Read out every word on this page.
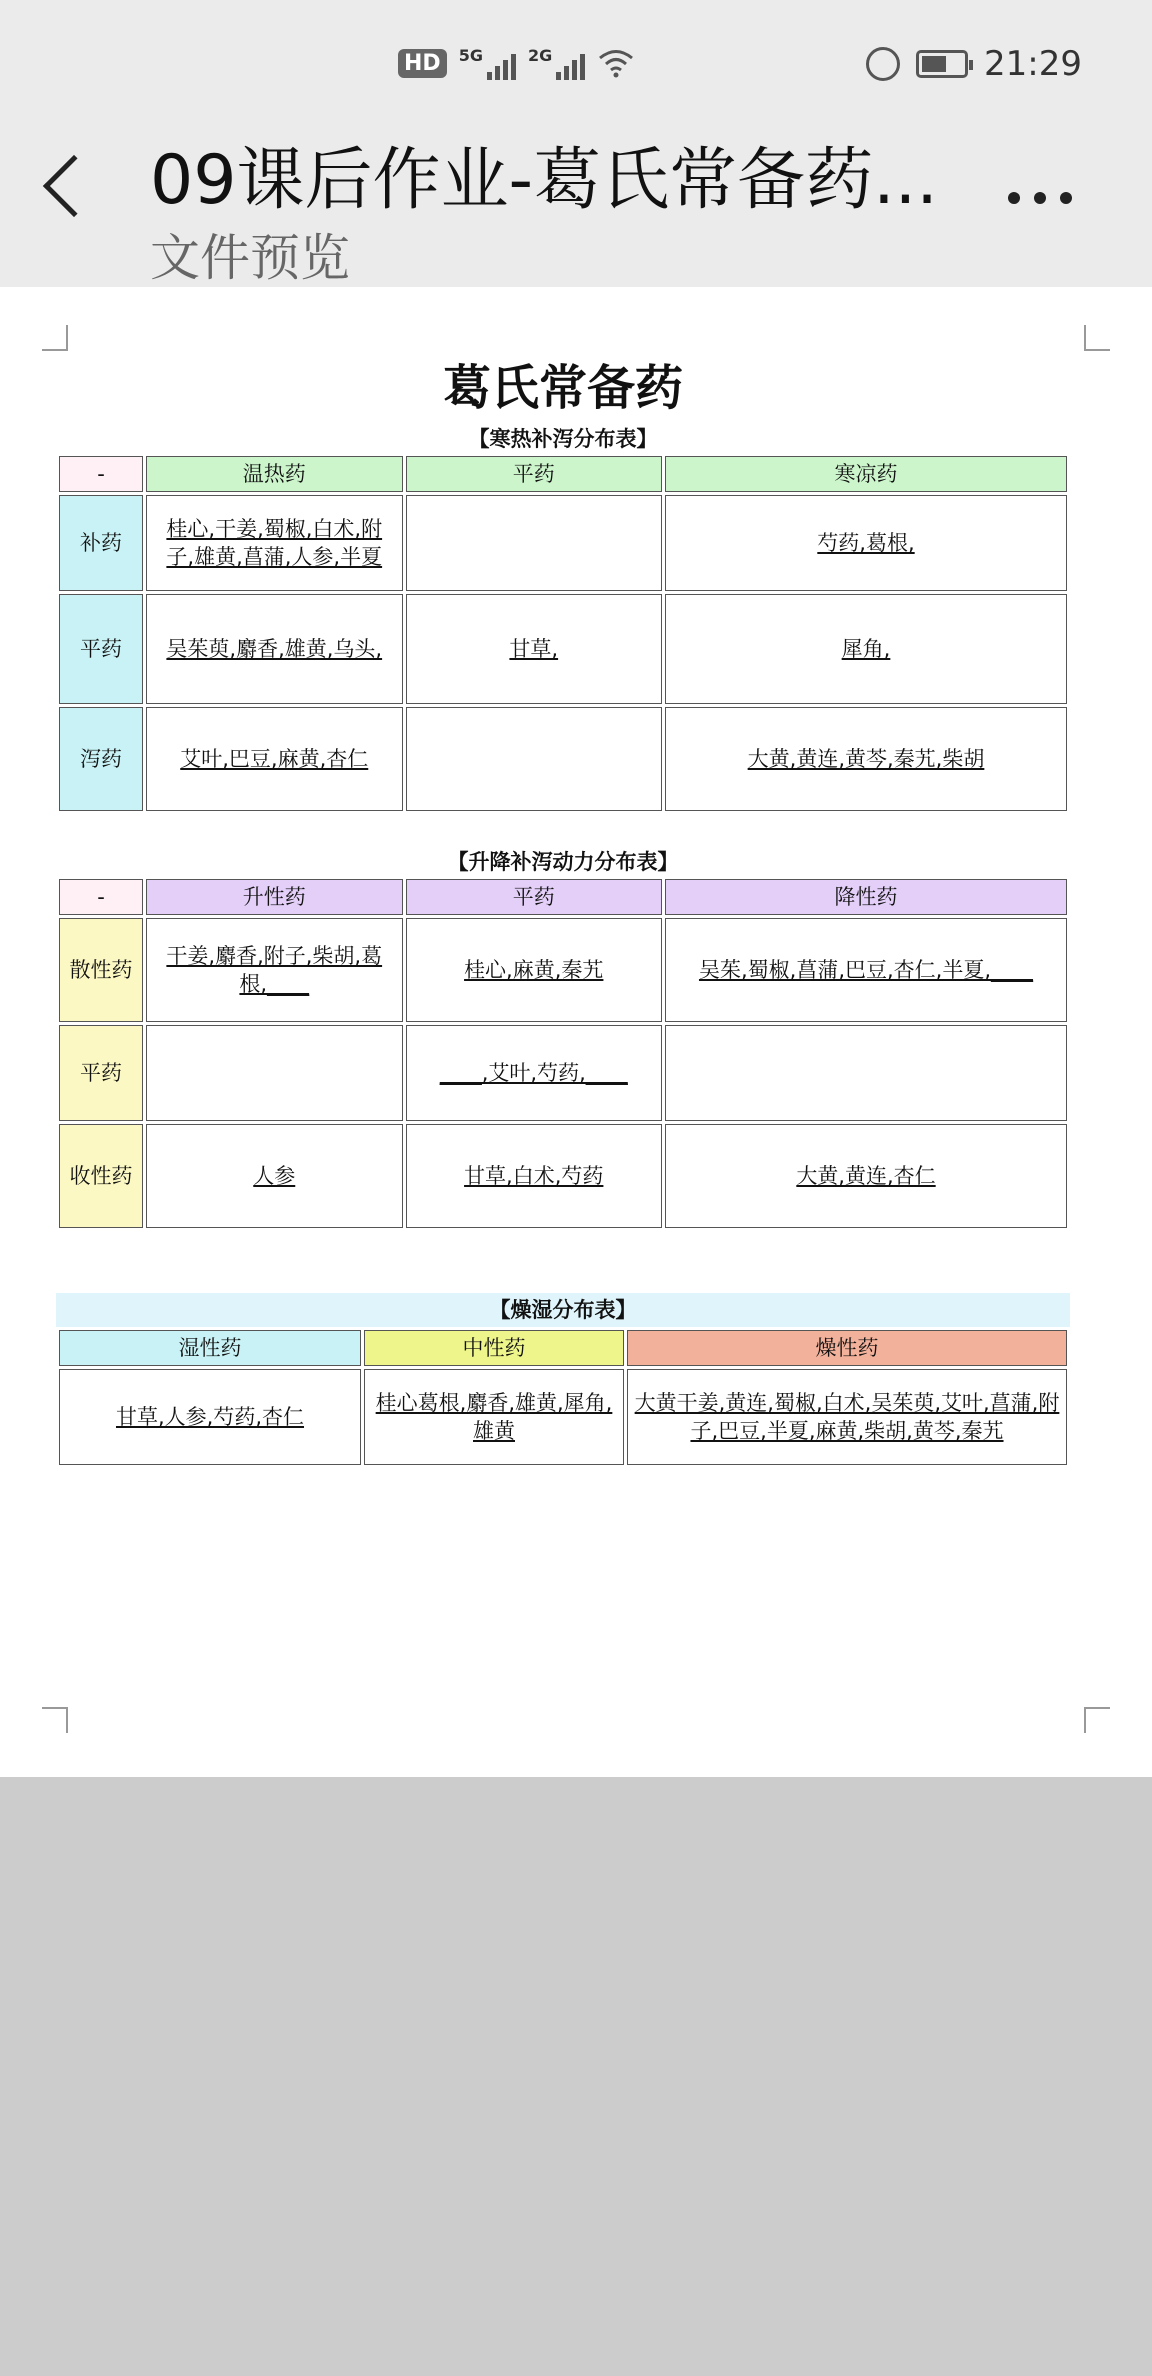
HD	5G	2G	21:29
09课后作业-葛氏常备药...
文件预览
葛氏常备药
【寒热补泻分布表】
-	温热药	平药	寒凉药
补药	桂心,干姜,蜀椒,白术,附子,雄黄,菖蒲,人参,半夏		芍药,葛根,
平药	吴茱萸,麝香,雄黄,乌头,	甘草,	犀角,
泻药	艾叶,巴豆,麻黄,杏仁		大黄,黄连,黄芩,秦艽,柴胡
【升降补泻动力分布表】
-	升性药	平药	降性药
散性药	干姜,麝香,附子,柴胡,葛根,____	桂心,麻黄,秦艽	吴茱,蜀椒,菖蒲,巴豆,杏仁,半夏,____
平药		____,艾叶,芍药,____	
收性药	人参	甘草,白术,芍药	大黄,黄连,杏仁
【燥湿分布表】
湿性药	中性药	燥性药
甘草,人参,芍药,杏仁	桂心葛根,麝香,雄黄,犀角,雄黄	大黄干姜,黄连,蜀椒,白术,吴茱萸,艾叶,菖蒲,附子,巴豆,半夏,麻黄,柴胡,黄芩,秦艽
